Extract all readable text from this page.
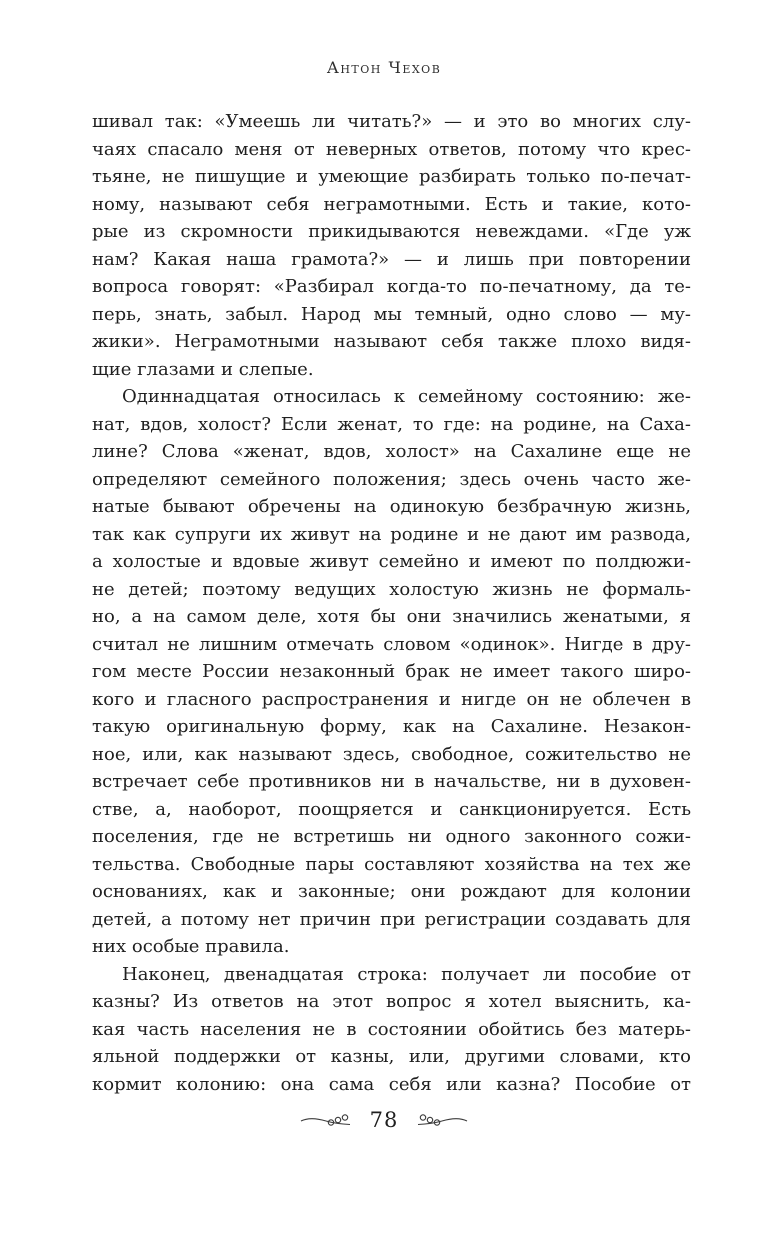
Антон Чехов
шивал так: «Умеешь ли читать?» — и это во многих слу-
чаях спасало меня от неверных ответов, потому что крес-
тьяне, не пишущие и умеющие разбирать только по-печат-
ному, называют себя неграмотными. Есть и такие, кото-
рые из скромности прикидываются невеждами. «Где уж
нам? Какая наша грамота?» — и лишь при повторении
вопроса говорят: «Разбирал когда-то по-печатному, да те-
перь, знать, забыл. Народ мы темный, одно слово — му-
жики». Неграмотными называют себя также плохо видя-
щие глазами и слепые.
Одиннадцатая относилась к семейному состоянию: же-
нат, вдов, холост? Если женат, то где: на родине, на Саха-
лине? Слова «женат, вдов, холост» на Сахалине еще не
определяют семейного положения; здесь очень часто же-
натые бывают обречены на одинокую безбрачную жизнь,
так как супруги их живут на родине и не дают им развода,
а холостые и вдовые живут семейно и имеют по полдюжи-
не детей; поэтому ведущих холостую жизнь не формаль-
но, а на самом деле, хотя бы они значились женатыми, я
считал не лишним отмечать словом «одинок». Нигде в дру-
гом месте России незаконный брак не имеет такого широ-
кого и гласного распространения и нигде он не облечен в
такую оригинальную форму, как на Сахалине. Незакон-
ное, или, как называют здесь, свободное, сожительство не
встречает себе противников ни в начальстве, ни в духовен-
стве, а, наоборот, поощряется и санкционируется. Есть
поселения, где не встретишь ни одного законного сожи-
тельства. Свободные пары составляют хозяйства на тех же
основаниях, как и законные; они рождают для колонии
детей, а потому нет причин при регистрации создавать для
них особые правила.
Наконец, двенадцатая строка: получает ли пособие от
казны? Из ответов на этот вопрос я хотел выяснить, ка-
кая часть населения не в состоянии обойтись без матерь-
яльной поддержки от казны, или, другими словами, кто
кормит колонию: она сама себя или казна? Пособие от
78
